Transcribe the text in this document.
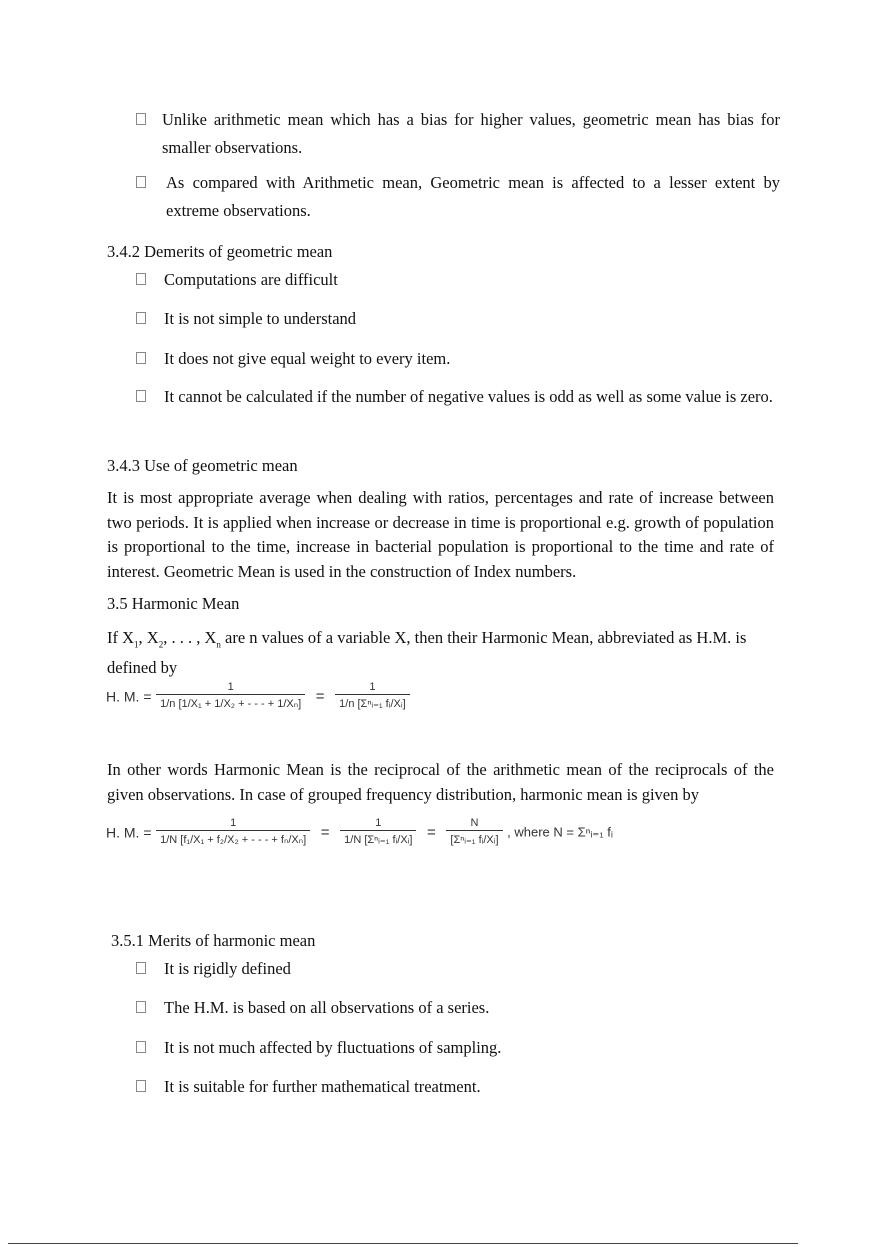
Unlike arithmetic mean which has a bias for higher values, geometric mean has bias for smaller observations.
As compared with Arithmetic mean, Geometric mean is affected to a lesser extent by extreme observations.
3.4.2 Demerits of geometric mean
Computations are difficult
It is not simple to understand
It does not give equal weight to every item.
It cannot be calculated if the number of negative values is odd as well as some value is zero.
3.4.3 Use of geometric mean
It is most appropriate average when dealing with ratios, percentages and rate of increase between two periods. It is applied when increase or decrease in time is proportional e.g. growth of population is proportional to the time, increase in bacterial population is proportional to the time and rate of interest. Geometric Mean is used in the construction of Index numbers.
3.5 Harmonic Mean
If $X_1$, $X_2$, . . . , $X_n$ are n values of a variable X, then their Harmonic Mean, abbreviated as H.M. is defined by
H. M. = $\frac{1}{\text{1/n [1/X₁ + 1/X₂ + - - - + 1/Xₙ]}} = \frac{1}{\text{1/n [Σⁿᵢ₌₁ fᵢ/Xᵢ]}}$
In other words Harmonic Mean is the reciprocal of the arithmetic mean of the reciprocals of the given observations. In case of grouped frequency distribution, harmonic mean is given by
H. M. = $\frac{1}{\text{1/N [f₁/X₁ + f₂/X₂ + - - - + fₙ/Xₙ]}} = \frac{1}{\text{1/N [Σⁿᵢ₌₁ fᵢ/Xᵢ]}} = \frac{N}{\text{[Σⁿᵢ₌₁ fᵢ/Xᵢ]}}$ , where N = Σⁿᵢ₌₁ fᵢ
3.5.1 Merits of harmonic mean
It is rigidly defined
The H.M. is based on all observations of a series.
It is not much affected by fluctuations of sampling.
It is suitable for further mathematical treatment.
